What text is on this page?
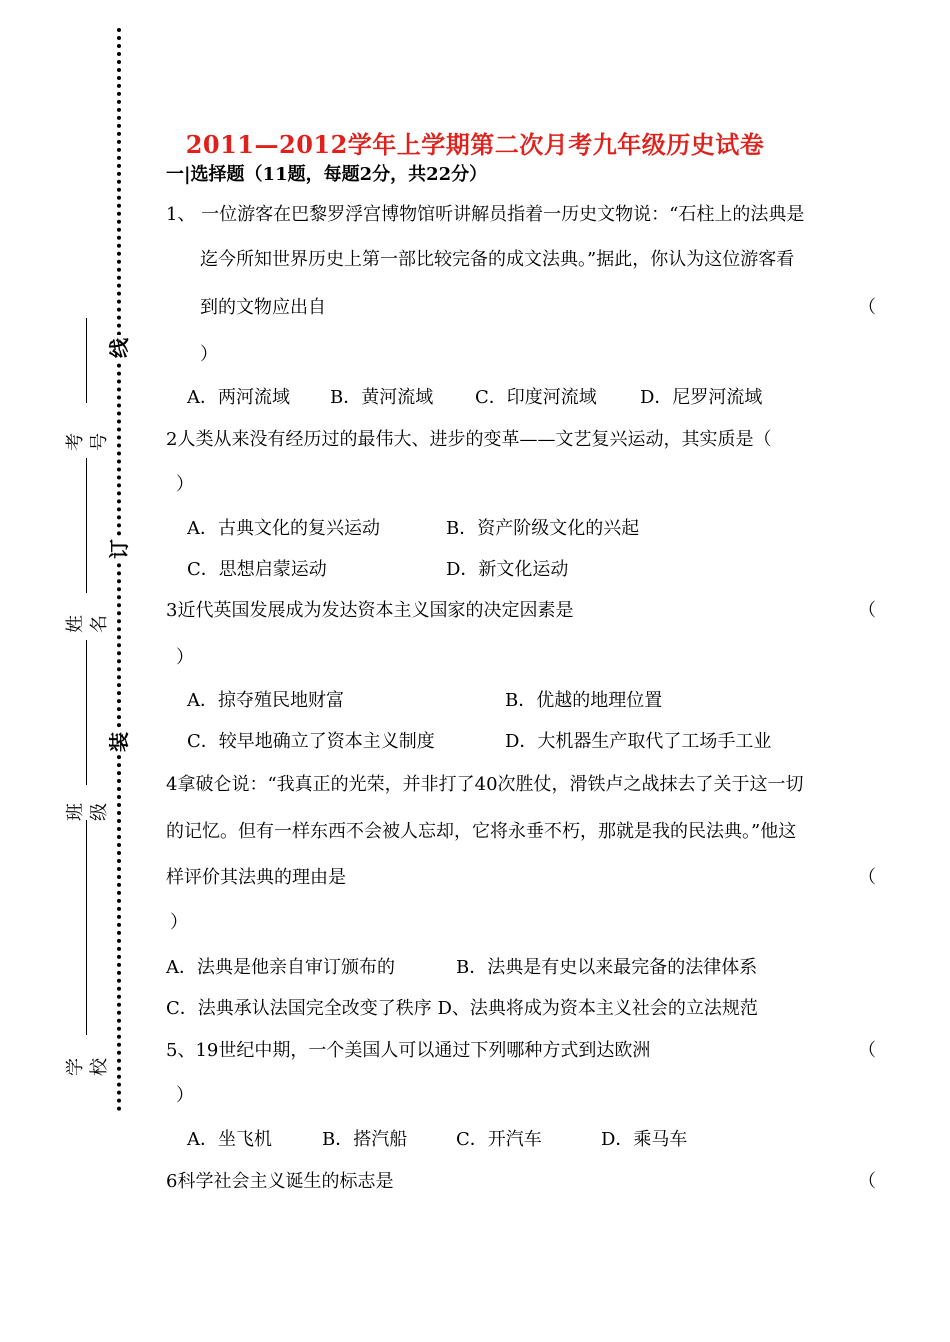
线
订
装
考号
姓名
班级
学校
2011—2012学年上学期第二次月考九年级历史试卷
一|选择题（11题，每题2分，共22分）
1、 一位游客在巴黎罗浮宫博物馆听讲解员指着一历史文物说：“石柱上的法典是
迄今所知世界历史上第一部比较完备的成文法典。”据此，你认为这位游客看
到的文物应出自	（
）
A．两河流域 B．黄河流域 C．印度河流域 D．尼罗河流域
2人类从来没有经历过的最伟大、进步的变革——文艺复兴运动，其实质是（
）
A．古典文化的复兴运动	B．资产阶级文化的兴起
C．思想启蒙运动	D．新文化运动
3近代英国发展成为发达资本主义国家的决定因素是	（
）
A．掠夺殖民地财富	B．优越的地理位置
C．较早地确立了资本主义制度	D．大机器生产取代了工场手工业
4拿破仑说：“我真正的光荣，并非打了40次胜仗，滑铁卢之战抹去了关于这一切
的记忆。但有一样东西不会被人忘却，它将永垂不朽，那就是我的民法典。”他这
样评价其法典的理由是	（
）
A．法典是他亲自审订颁布的	B．法典是有史以来最完备的法律体系
C．法典承认法国完全改变了秩序 D、法典将成为资本主义社会的立法规范
5、19世纪中期，一个美国人可以通过下列哪种方式到达欧洲	（
）
A．坐飞机	B．搭汽船	C．开汽车	D．乘马车
6科学社会主义诞生的标志是	（
